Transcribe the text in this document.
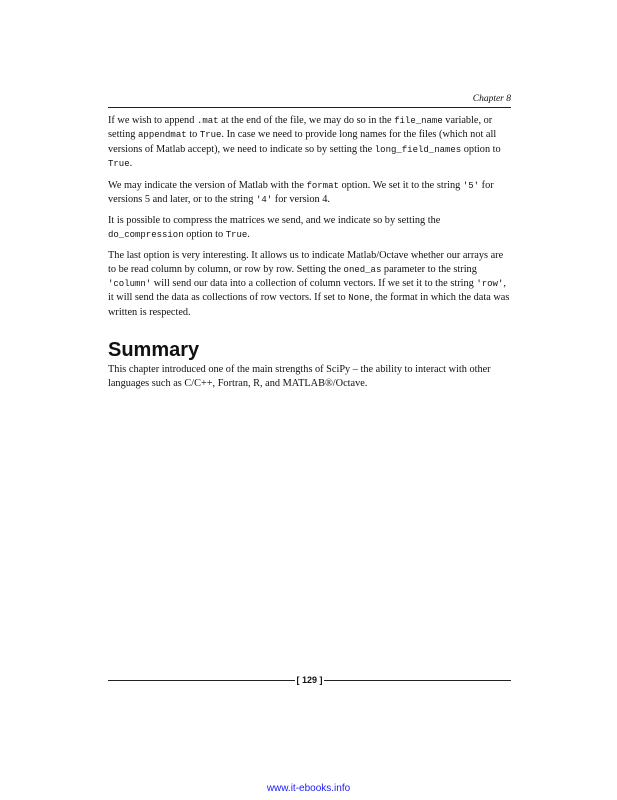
Chapter 8

If we wish to append .mat at the end of the file, we may do so in the file_name variable, or setting appendmat to True. In case we need to provide long names for the files (which not all versions of Matlab accept), we need to indicate so by setting the long_field_names option to True.

We may indicate the version of Matlab with the format option. We set it to the string '5' for versions 5 and later, or to the string '4' for version 4.

It is possible to compress the matrices we send, and we indicate so by setting the do_compression option to True.

The last option is very interesting. It allows us to indicate Matlab/Octave whether our arrays are to be read column by column, or row by row. Setting the oned_as parameter to the string 'column' will send our data into a collection of column vectors. If we set it to the string 'row', it will send the data as collections of row vectors. If set to None, the format in which the data was written is respected.

Summary

This chapter introduced one of the main strengths of SciPy – the ability to interact with other languages such as C/C++, Fortran, R, and MATLAB®/Octave.

[ 129 ]
www.it-ebooks.info
